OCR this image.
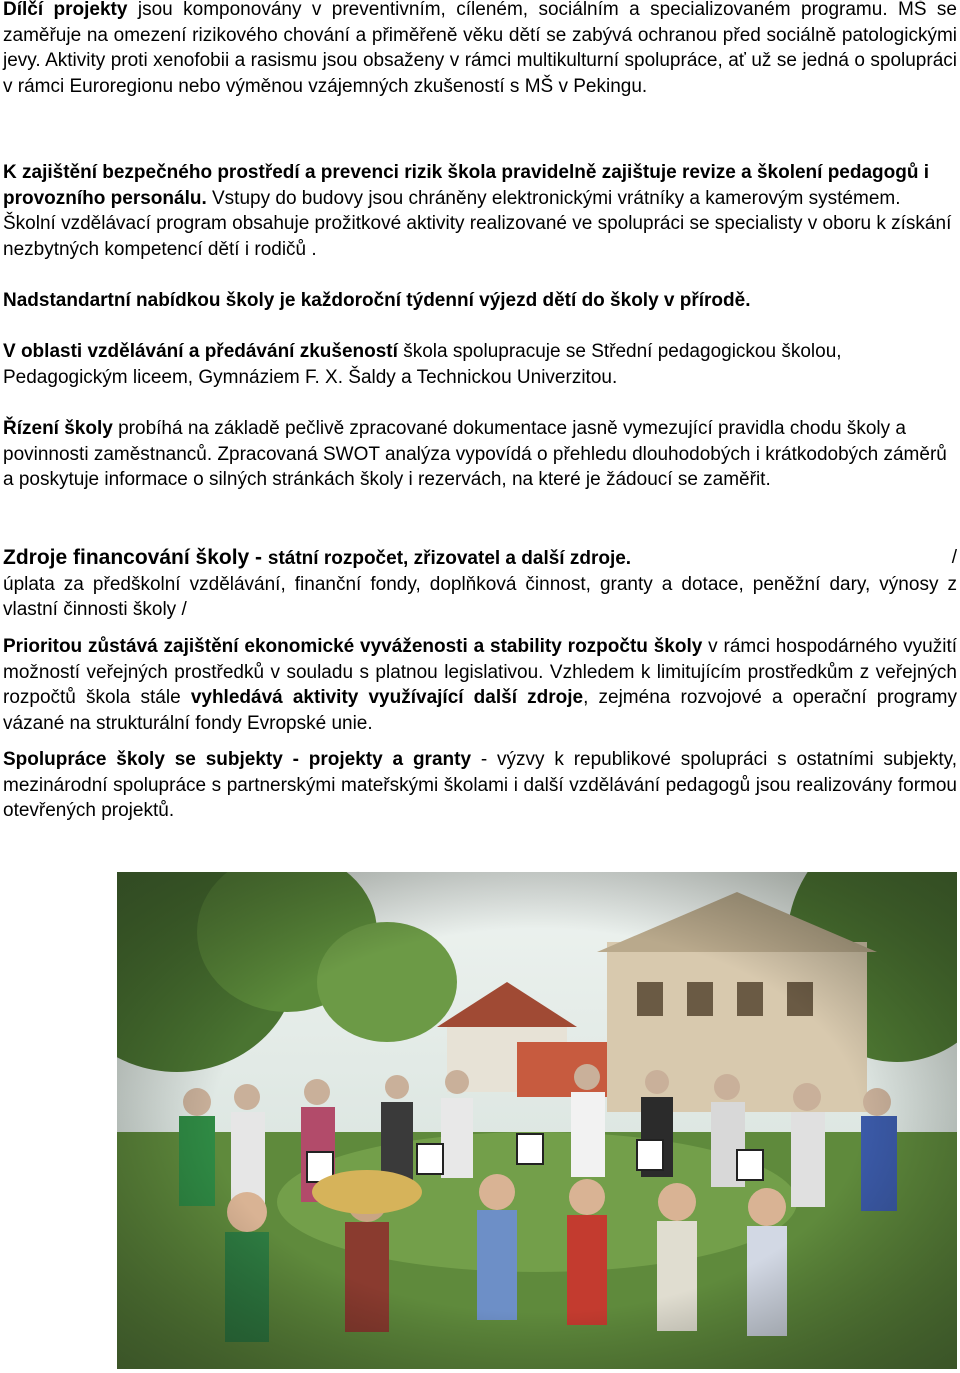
Dílčí projekty jsou komponovány v preventivním, cíleném, sociálním a specializovaném programu. MŠ se zaměřuje na omezení rizikového chování a přiměřeně věku dětí se zabývá ochranou před sociálně patologickými jevy. Aktivity proti xenofobii a rasismu jsou obsaženy v rámci multikulturní spolupráce, ať už se jedná o spolupráci v rámci Euroregionu nebo výměnou vzájemných zkušeností s MŠ v Pekingu.

K zajištění bezpečného prostředí a prevenci rizik škola pravidelně zajištuje revize a školení pedagogů i provozního personálu. Vstupy do budovy jsou chráněny elektronickými vrátníky a kamerovým systémem. Školní vzdělávací program obsahuje prožitkové aktivity realizované ve spolupráci se specialisty v oboru k získání nezbytných kompetencí dětí i rodičů .

Nadstandartní nabídkou školy je každoroční týdenní výjezd dětí do školy v přírodě.

V oblasti vzdělávání a předávání zkušeností škola spolupracuje se Střední pedagogickou školou, Pedagogickým liceem, Gymnáziem F. X. Šaldy a Technickou Univerzitou.

Řízení školy probíhá na základě pečlivě zpracované dokumentace jasně vymezující pravidla chodu školy a povinnosti zaměstnanců. Zpracovaná SWOT analýza vypovídá o přehledu dlouhodobých i krátkodobých záměrů a poskytuje informace o silných stránkách školy i rezervách, na které je žádoucí se zaměřit.

Zdroje financování školy - státní rozpočet, zřizovatel a další zdroje.	/

úplata za předškolní vzdělávání, finanční fondy, doplňková činnost, granty a dotace, peněžní dary, výnosy z vlastní činnosti školy /

Prioritou zůstává zajištění ekonomické vyváženosti a stability rozpočtu školy v rámci hospodárného využití možností veřejných prostředků v souladu s platnou legislativou. Vzhledem k limitujícím prostředkům z veřejných rozpočtů škola stále vyhledává aktivity využívající další zdroje, zejména rozvojové a operační programy vázané na strukturální fondy Evropské unie.

Spolupráce školy se subjekty - projekty a granty - výzvy k republikové spolupráci s ostatními subjekty, mezinárodní spolupráce s partnerskými mateřskými školami i další vzdělávání pedagogů jsou realizovány formou otevřených projektů.
